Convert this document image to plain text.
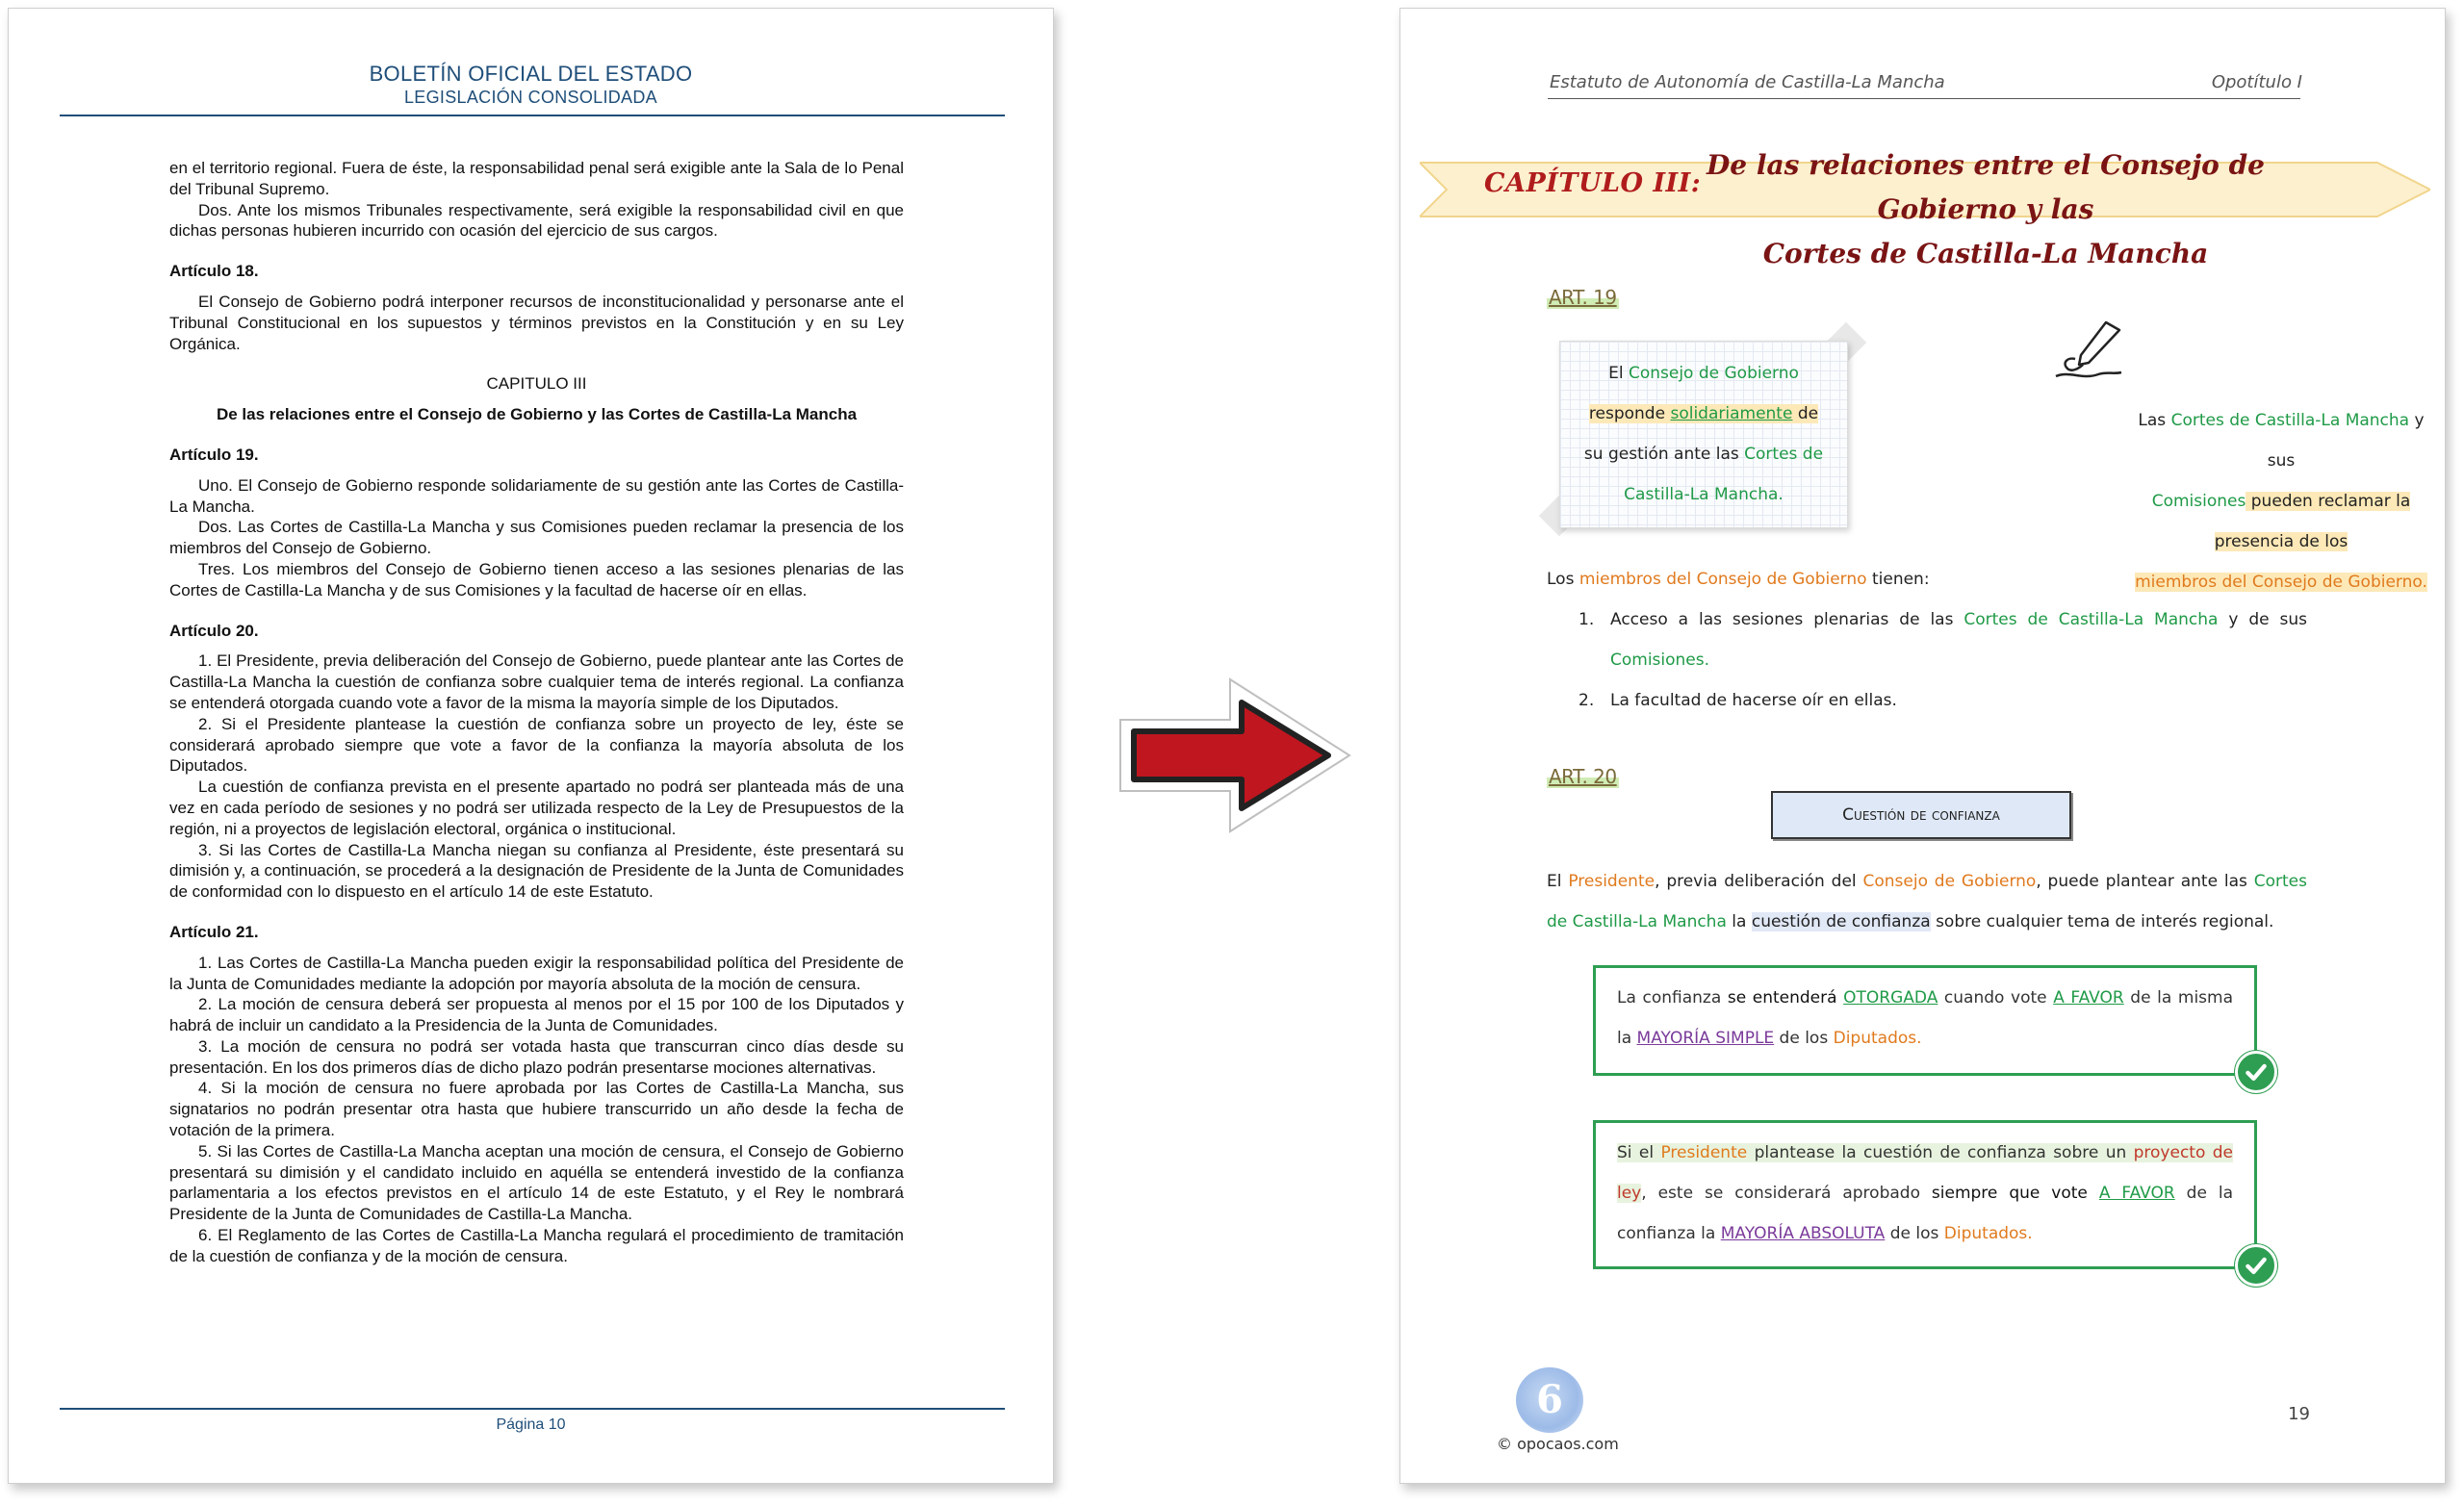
BOLETÍN OFICIAL DEL ESTADO
LEGISLACIÓN CONSOLIDADA

en el territorio regional. Fuera de éste, la responsabilidad penal será exigible ante la Sala de lo Penal del Tribunal Supremo.

Dos. Ante los mismos Tribunales respectivamente, será exigible la responsabilidad civil en que dichas personas hubieren incurrido con ocasión del ejercicio de sus cargos.

Artículo 18.

El Consejo de Gobierno podrá interponer recursos de inconstitucionalidad y personarse ante el Tribunal Constitucional en los supuestos y términos previstos en la Constitución y en su Ley Orgánica.

CAPITULO III

De las relaciones entre el Consejo de Gobierno y las Cortes de Castilla-La Mancha

Artículo 19.

Uno. El Consejo de Gobierno responde solidariamente de su gestión ante las Cortes de Castilla-La Mancha.

Dos. Las Cortes de Castilla-La Mancha y sus Comisiones pueden reclamar la presencia de los miembros del Consejo de Gobierno.

Tres. Los miembros del Consejo de Gobierno tienen acceso a las sesiones plenarias de las Cortes de Castilla-La Mancha y de sus Comisiones y la facultad de hacerse oír en ellas.

Artículo 20.

1. El Presidente, previa deliberación del Consejo de Gobierno, puede plantear ante las Cortes de Castilla-La Mancha la cuestión de confianza sobre cualquier tema de interés regional. La confianza se entenderá otorgada cuando vote a favor de la misma la mayoría simple de los Diputados.

2. Si el Presidente plantease la cuestión de confianza sobre un proyecto de ley, éste se considerará aprobado siempre que vote a favor de la confianza la mayoría absoluta de los Diputados.

La cuestión de confianza prevista en el presente apartado no podrá ser planteada más de una vez en cada período de sesiones y no podrá ser utilizada respecto de la Ley de Presupuestos de la región, ni a proyectos de legislación electoral, orgánica o institucional.

3. Si las Cortes de Castilla-La Mancha niegan su confianza al Presidente, éste presentará su dimisión y, a continuación, se procederá a la designación de Presidente de la Junta de Comunidades de conformidad con lo dispuesto en el artículo 14 de este Estatuto.

Artículo 21.

1. Las Cortes de Castilla-La Mancha pueden exigir la responsabilidad política del Presidente de la Junta de Comunidades mediante la adopción por mayoría absoluta de la moción de censura.

2. La moción de censura deberá ser propuesta al menos por el 15 por 100 de los Diputados y habrá de incluir un candidato a la Presidencia de la Junta de Comunidades.

3. La moción de censura no podrá ser votada hasta que transcurran cinco días desde su presentación. En los dos primeros días de dicho plazo podrán presentarse mociones alternativas.

4. Si la moción de censura no fuere aprobada por las Cortes de Castilla-La Mancha, sus signatarios no podrán presentar otra hasta que hubiere transcurrido un año desde la fecha de votación de la primera.

5. Si las Cortes de Castilla-La Mancha aceptan una moción de censura, el Consejo de Gobierno presentará su dimisión y el candidato incluido en aquélla se entenderá investido de la confianza parlamentaria a los efectos previstos en el artículo 14 de este Estatuto, y el Rey le nombrará Presidente de la Junta de Comunidades de Castilla-La Mancha.

6. El Reglamento de las Cortes de Castilla-La Mancha regulará el procedimiento de tramitación de la cuestión de confianza y de la moción de censura.

Página 10
Estatuto de Autonomía de Castilla-La Mancha	Opotítulo I
CAPÍTULO III:
De las relaciones entre el Consejo de Gobierno y las
Cortes de Castilla-La Mancha
ART. 19
El Consejo de Gobierno
responde solidariamente de
su gestión ante las Cortes de
Castilla-La Mancha.
Las Cortes de Castilla-La Mancha y sus
Comisiones pueden reclamar la presencia de los
miembros del Consejo de Gobierno.
Los miembros del Consejo de Gobierno tienen:
1. Acceso a las sesiones plenarias de las Cortes de Castilla-La Mancha y de sus Comisiones.
2. La facultad de hacerse oír en ellas.
ART. 20
Cuestión de confianza
El Presidente, previa deliberación del Consejo de Gobierno, puede plantear ante las Cortes de Castilla-La Mancha la cuestión de confianza sobre cualquier tema de interés regional.
La confianza se entenderá OTORGADA cuando vote A FAVOR de la misma la MAYORÍA SIMPLE de los Diputados.
Si el Presidente plantease la cuestión de confianza sobre un proyecto de ley, este se considerará aprobado siempre que vote A FAVOR de la confianza la MAYORÍA ABSOLUTA de los Diputados.
6
© opocaos.com
19
